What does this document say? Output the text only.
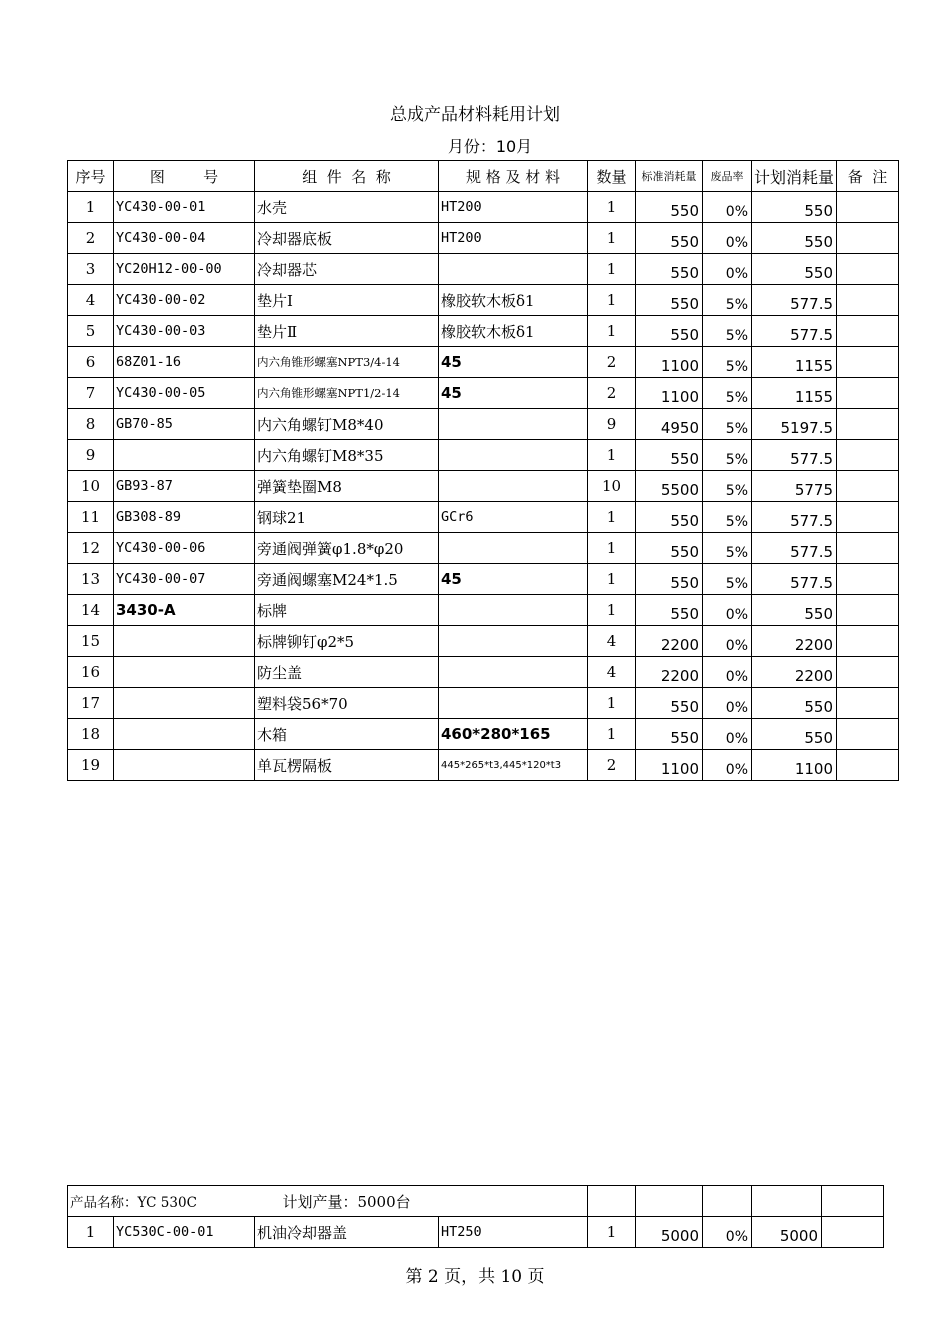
总成产品材料耗用计划
月份：10月
序号	图        号	组  件  名  称	规 格 及 材 料	数量	标准消耗量	废品率	计划消耗量	备  注
1	YC430-00-01	水壳	HT200	1	550	0%	550	
2	YC430-00-04	冷却器底板	HT200	1	550	0%	550	
3	YC20H12-00-00	冷却器芯		1	550	0%	550	
4	YC430-00-02	垫片Ⅰ	橡胶软木板δ1	1	550	5%	577.5	
5	YC430-00-03	垫片Ⅱ	橡胶软木板δ1	1	550	5%	577.5	
6	68Z01-16	内六角锥形螺塞NPT3/4-14	45	2	1100	5%	1155	
7	YC430-00-05	内六角锥形螺塞NPT1/2-14	45	2	1100	5%	1155	
8	GB70-85	内六角螺钉M8*40		9	4950	5%	5197.5	
9		内六角螺钉M8*35		1	550	5%	577.5	
10	GB93-87	弹簧垫圈M8		10	5500	5%	5775	
11	GB308-89	钢球21	GCr6	1	550	5%	577.5	
12	YC430-00-06	旁通阀弹簧φ1.8*φ20		1	550	5%	577.5	
13	YC430-00-07	旁通阀螺塞M24*1.5	45	1	550	5%	577.5	
14	3430-A	标牌		1	550	0%	550	
15		标牌铆钉φ2*5		4	2200	0%	2200	
16		防尘盖		4	2200	0%	2200	
17		塑料袋56*70		1	550	0%	550	
18		木箱	460*280*165	1	550	0%	550	
19		单瓦楞隔板	445*265*t3,445*120*t3	2	1100	0%	1100	
产品名称：YC 530C 计划产量：5000台								
1	YC530C-00-01	机油冷却器盖	HT250	1	5000	0%	5000	
第 2 页，共 10 页
